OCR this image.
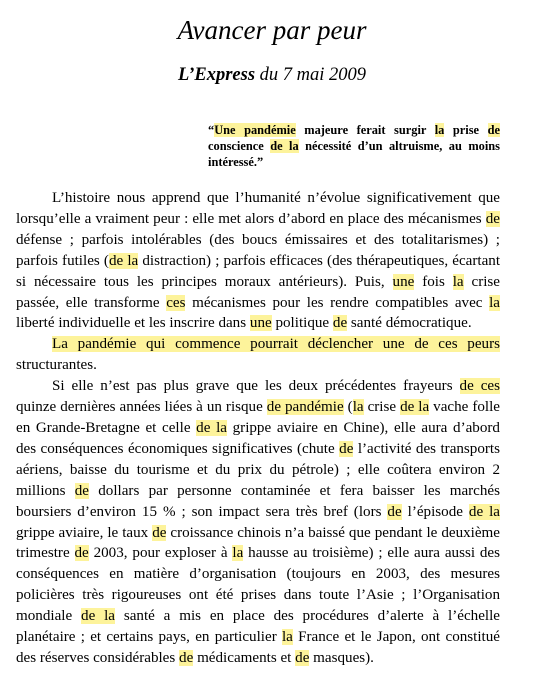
Avancer par peur
L’Express du 7 mai 2009
“Une pandémie majeure ferait surgir la prise de conscience de la nécessité d’un altruisme, au moins intéressé.”

L’histoire nous apprend que l’humanité n’évolue significativement que lorsqu’elle a vraiment peur : elle met alors d’abord en place des mécanismes de défense ; parfois intolérables (des boucs émissaires et des totalitarismes) ; parfois futiles (de la distraction) ; parfois efficaces (des thérapeutiques, écartant si nécessaire tous les principes moraux antérieurs). Puis, une fois la crise passée, elle transforme ces mécanismes pour les rendre compatibles avec la liberté individuelle et les inscrire dans une politique de santé démocratique.

La pandémie qui commence pourrait déclencher une de ces peurs structurantes.

Si elle n’est pas plus grave que les deux précédentes frayeurs de ces quinze dernières années liées à un risque de pandémie (la crise de la vache folle en Grande-Bretagne et celle de la grippe aviaire en Chine), elle aura d’abord des conséquences économiques significatives (chute de l’activité des transports aériens, baisse du tourisme et du prix du pétrole) ; elle coûtera environ 2 millions de dollars par personne contaminée et fera baisser les marchés boursiers d’environ 15 % ; son impact sera très bref (lors de l’épisode de la grippe aviaire, le taux de croissance chinois n’a baissé que pendant le deuxième trimestre de 2003, pour exploser à la hausse au troisième) ; elle aura aussi des conséquences en matière d’organisation (toujours en 2003, des mesures policières très rigoureuses ont été prises dans toute l’Asie ; l’Organisation mondiale de la santé a mis en place des procédures d’alerte à l’échelle planétaire ; et certains pays, en particulier la France et le Japon, ont constitué des réserves considérables de médicaments et de masques).
